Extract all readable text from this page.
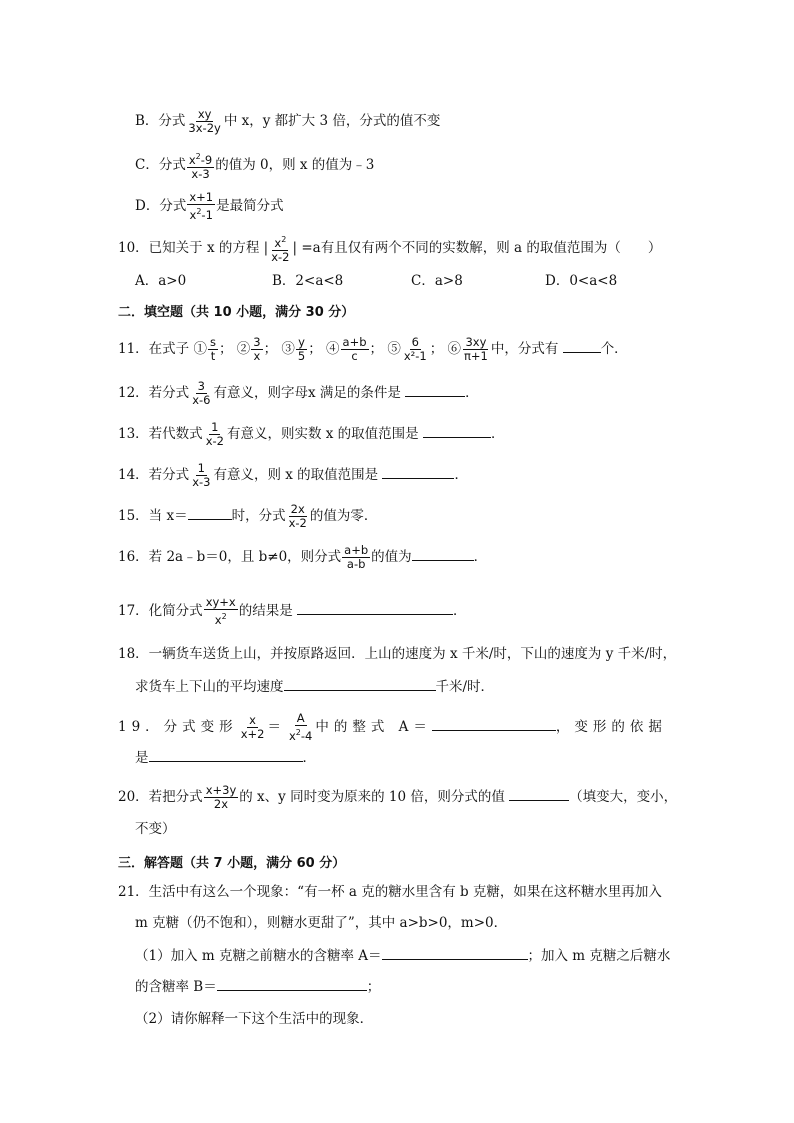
B．分式 $\frac{xy}{3x-2y}$ 中 x，y 都扩大 3 倍，分式的值不变
C．分式 $\frac{x^2-9}{x-3}$ 的值为 0，则 x 的值为﹣3
D．分式 $\frac{x+1}{x^2-1}$ 是最简分式
10．已知关于 x 的方程 | $\frac{x^2}{x-2}$ | =a有且仅有两个不同的实数解，则 a 的取值范围为（　　）
A．a>0	B．2<a<8	C．a>8	D．0<a<8
二．填空题（共 10 小题，满分 30 分）
11．在式子 ① $\frac{s}{t}$ ； ② $\frac{3}{x}$ ； ③ $\frac{y}{5}$ ； ④ $\frac{a+b}{c}$ ； ⑤ $\frac{6}{\text{x²-1}}$ ； ⑥ $\frac{3xy}{\pi+1}$ 中，分式有	个．
12．若分式 $\frac{3}{x-6}$ 有意义，则字母x 满足的条件是	．
13．若代数式 $\frac{1}{x-2}$ 有意义，则实数 x 的取值范围是	．
14．若分式 $\frac{1}{x-3}$ 有意义，则 x 的取值范围是	．
15．当 x＝	时，分式 $\frac{2x}{x-2}$ 的值为零．
16．若 2a﹣b＝0，且 b≠0，则分式 $\frac{a+b}{a-b}$ 的值为	．
17．化简分式 $\frac{xy+x}{x^2}$ 的结果是	．
18．一辆货车送货上山，并按原路返回．上山的速度为 x 千米/时，下山的速度为 y 千米/时，
求货车上下山的平均速度	千米/时．
19．分式变形 $\frac{x}{x+2} = \frac{A}{x^2-4}$ 中的整式 A＝	，变形的依据
是	．
20．若把分式 $\frac{x+3y}{2x}$ 的 x、y 同时变为原来的 10 倍，则分式的值	（填变大，变小，
不变）
三．解答题（共 7 小题，满分 60 分）
21．生活中有这么一个现象：“有一杯 a 克的糖水里含有 b 克糖，如果在这杯糖水里再加入
m 克糖（仍不饱和），则糖水更甜了”，其中 a>b>0，m>0．
（1）加入 m 克糖之前糖水的含糖率 A＝	；加入 m 克糖之后糖水
的含糖率 B＝	；
（2）请你解释一下这个生活中的现象．
